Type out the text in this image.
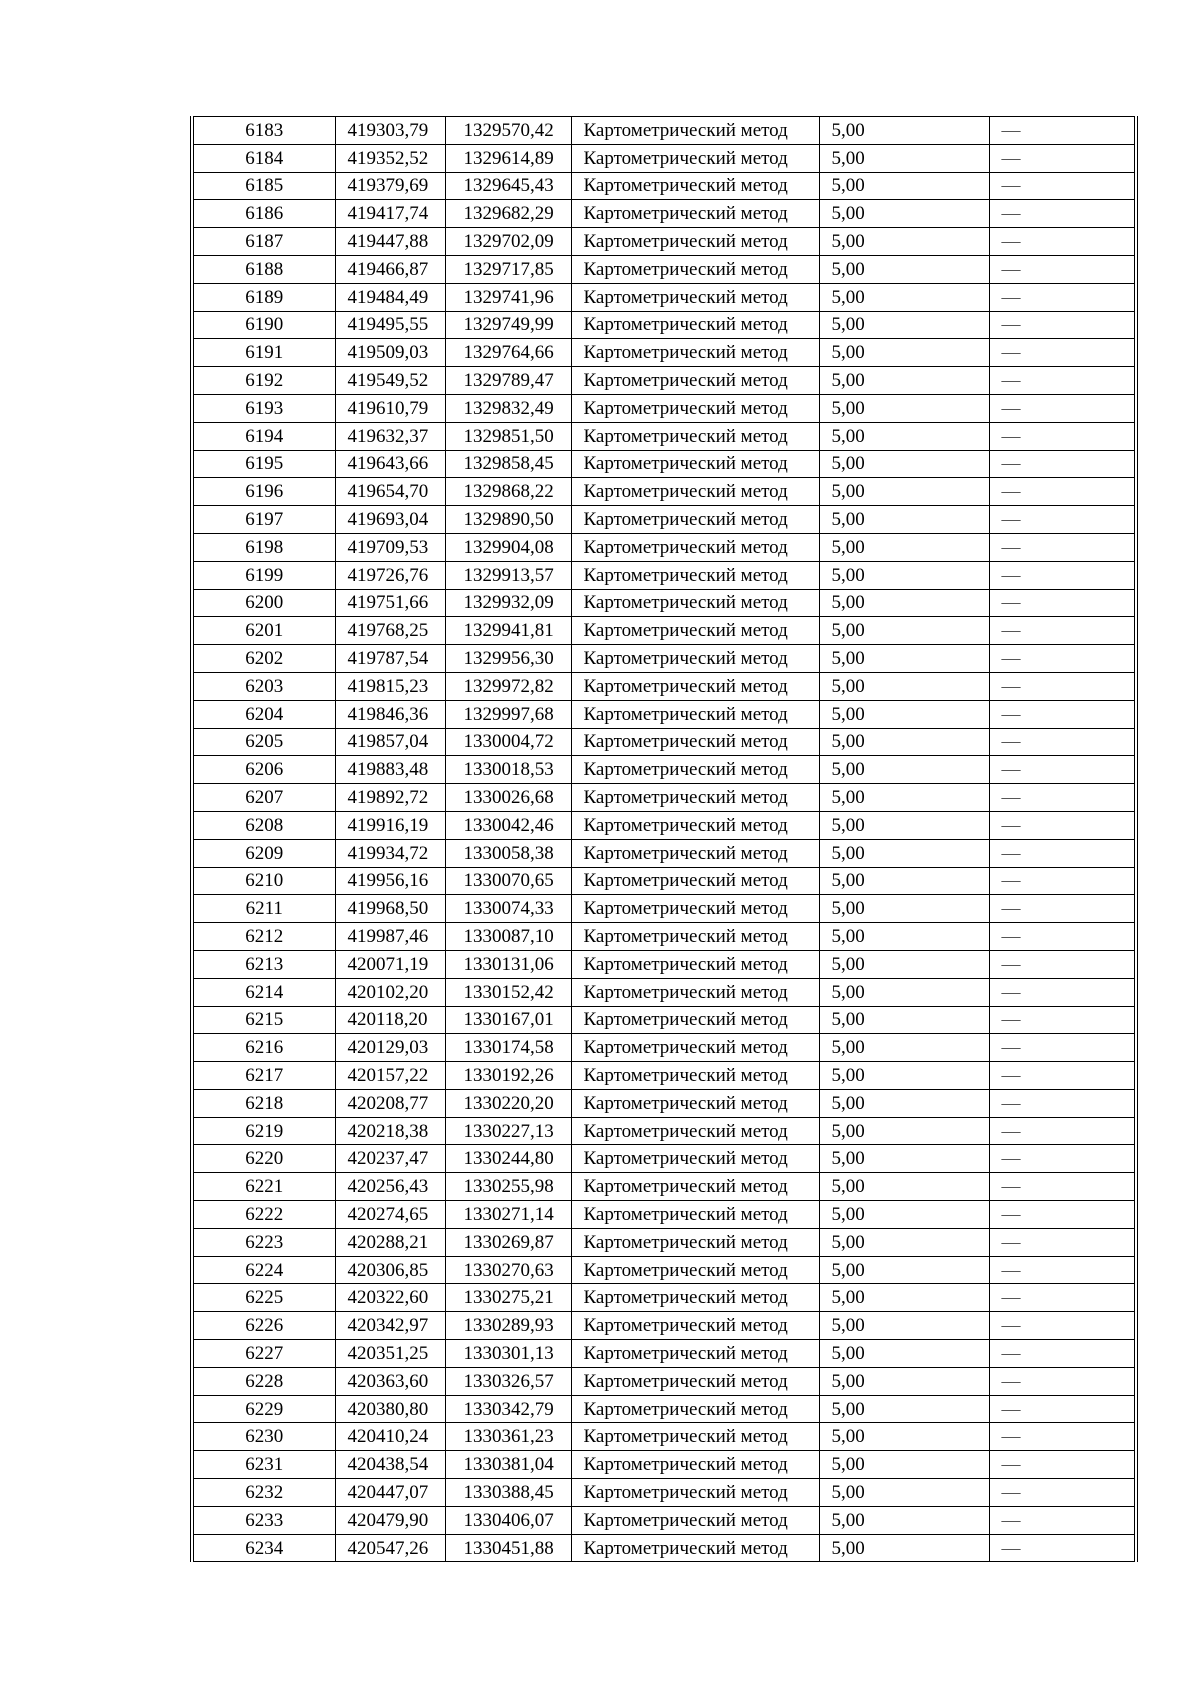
6183	419303,79	1329570,42	Картометрический метод	5,00	—
6184	419352,52	1329614,89	Картометрический метод	5,00	—
6185	419379,69	1329645,43	Картометрический метод	5,00	—
6186	419417,74	1329682,29	Картометрический метод	5,00	—
6187	419447,88	1329702,09	Картометрический метод	5,00	—
6188	419466,87	1329717,85	Картометрический метод	5,00	—
6189	419484,49	1329741,96	Картометрический метод	5,00	—
6190	419495,55	1329749,99	Картометрический метод	5,00	—
6191	419509,03	1329764,66	Картометрический метод	5,00	—
6192	419549,52	1329789,47	Картометрический метод	5,00	—
6193	419610,79	1329832,49	Картометрический метод	5,00	—
6194	419632,37	1329851,50	Картометрический метод	5,00	—
6195	419643,66	1329858,45	Картометрический метод	5,00	—
6196	419654,70	1329868,22	Картометрический метод	5,00	—
6197	419693,04	1329890,50	Картометрический метод	5,00	—
6198	419709,53	1329904,08	Картометрический метод	5,00	—
6199	419726,76	1329913,57	Картометрический метод	5,00	—
6200	419751,66	1329932,09	Картометрический метод	5,00	—
6201	419768,25	1329941,81	Картометрический метод	5,00	—
6202	419787,54	1329956,30	Картометрический метод	5,00	—
6203	419815,23	1329972,82	Картометрический метод	5,00	—
6204	419846,36	1329997,68	Картометрический метод	5,00	—
6205	419857,04	1330004,72	Картометрический метод	5,00	—
6206	419883,48	1330018,53	Картометрический метод	5,00	—
6207	419892,72	1330026,68	Картометрический метод	5,00	—
6208	419916,19	1330042,46	Картометрический метод	5,00	—
6209	419934,72	1330058,38	Картометрический метод	5,00	—
6210	419956,16	1330070,65	Картометрический метод	5,00	—
6211	419968,50	1330074,33	Картометрический метод	5,00	—
6212	419987,46	1330087,10	Картометрический метод	5,00	—
6213	420071,19	1330131,06	Картометрический метод	5,00	—
6214	420102,20	1330152,42	Картометрический метод	5,00	—
6215	420118,20	1330167,01	Картометрический метод	5,00	—
6216	420129,03	1330174,58	Картометрический метод	5,00	—
6217	420157,22	1330192,26	Картометрический метод	5,00	—
6218	420208,77	1330220,20	Картометрический метод	5,00	—
6219	420218,38	1330227,13	Картометрический метод	5,00	—
6220	420237,47	1330244,80	Картометрический метод	5,00	—
6221	420256,43	1330255,98	Картометрический метод	5,00	—
6222	420274,65	1330271,14	Картометрический метод	5,00	—
6223	420288,21	1330269,87	Картометрический метод	5,00	—
6224	420306,85	1330270,63	Картометрический метод	5,00	—
6225	420322,60	1330275,21	Картометрический метод	5,00	—
6226	420342,97	1330289,93	Картометрический метод	5,00	—
6227	420351,25	1330301,13	Картометрический метод	5,00	—
6228	420363,60	1330326,57	Картометрический метод	5,00	—
6229	420380,80	1330342,79	Картометрический метод	5,00	—
6230	420410,24	1330361,23	Картометрический метод	5,00	—
6231	420438,54	1330381,04	Картометрический метод	5,00	—
6232	420447,07	1330388,45	Картометрический метод	5,00	—
6233	420479,90	1330406,07	Картометрический метод	5,00	—
6234	420547,26	1330451,88	Картометрический метод	5,00	—
